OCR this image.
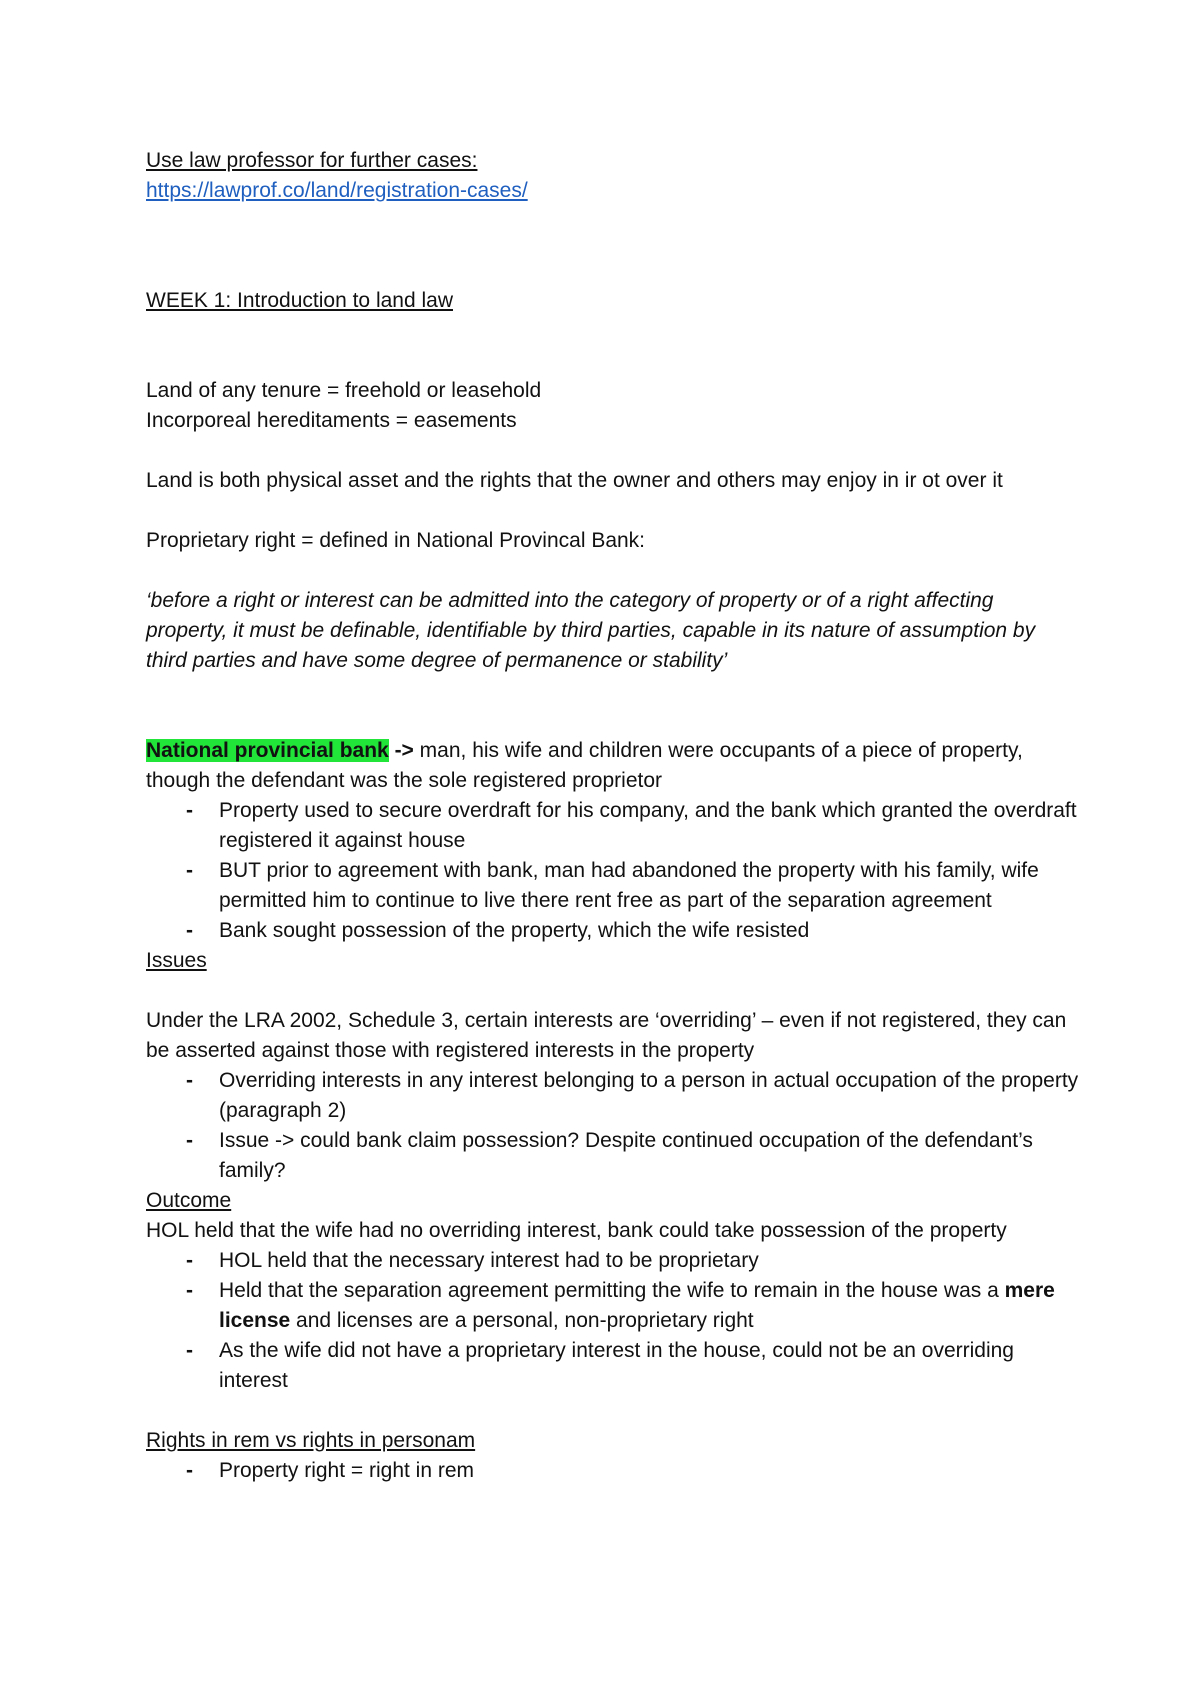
Use law professor for further cases:

https://lawprof.co/land/registration-cases/

WEEK 1: Introduction to land law

Land of any tenure = freehold or leasehold

Incorporeal hereditaments = easements

Land is both physical asset and the rights that the owner and others may enjoy in ir ot over it

Proprietary right = defined in National Provincal Bank:

‘before a right or interest can be admitted into the category of property or of a right affecting property, it must be definable, identifiable by third parties, capable in its nature of assumption by third parties and have some degree of permanence or stability’

National provincial bank -> man, his wife and children were occupants of a piece of property, though the defendant was the sole registered proprietor

- Property used to secure overdraft for his company, and the bank which granted the overdraft registered it against house
- BUT prior to agreement with bank, man had abandoned the property with his family, wife permitted him to continue to live there rent free as part of the separation agreement
- Bank sought possession of the property, which the wife resisted

Issues

Under the LRA 2002, Schedule 3, certain interests are ‘overriding’ – even if not registered, they can be asserted against those with registered interests in the property

- Overriding interests in any interest belonging to a person in actual occupation of the property (paragraph 2)
- Issue -> could bank claim possession? Despite continued occupation of the defendant’s family?

Outcome

HOL held that the wife had no overriding interest, bank could take possession of the property

- HOL held that the necessary interest had to be proprietary
- Held that the separation agreement permitting the wife to remain in the house was a mere license and licenses are a personal, non-proprietary right
- As the wife did not have a proprietary interest in the house, could not be an overriding interest

Rights in rem vs rights in personam

- Property right = right in rem
